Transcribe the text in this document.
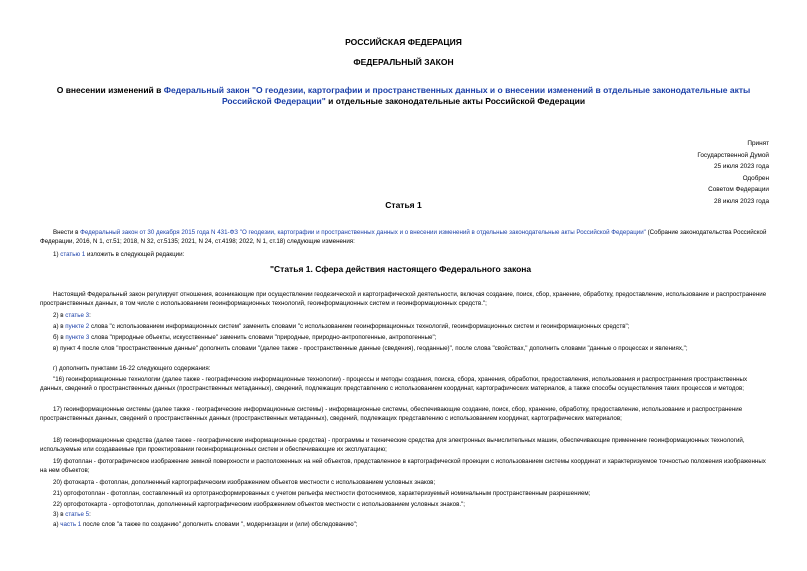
РОССИЙСКАЯ ФЕДЕРАЦИЯ
ФЕДЕРАЛЬНЫЙ ЗАКОН
О внесении изменений в Федеральный закон "О геодезии, картографии и пространственных данных и о внесении изменений в отдельные законодательные акты Российской Федерации" и отдельные законодательные акты Российской Федерации
Принят
Государственной Думой
25 июля 2023 года
Одобрен
Советом Федерации
28 июля 2023 года
Статья 1
Внести в Федеральный закон от 30 декабря 2015 года N 431-ФЗ "О геодезии, картографии и пространственных данных и о внесении изменений в отдельные законодательные акты Российской Федерации" (Собрание законодательства Российской Федерации, 2016, N 1, ст.51; 2018, N 32, ст.5135; 2021, N 24, ст.4198; 2022, N 1, ст.18) следующие изменения:
1) статью 1 изложить в следующей редакции:
"Статья 1. Сфера действия настоящего Федерального закона
Настоящий Федеральный закон регулирует отношения, возникающие при осуществлении геодезической и картографической деятельности, включая создание, поиск, сбор, хранение, обработку, предоставление, использование и распространение пространственных данных, в том числе с использованием геоинформационных технологий, геоинформационных систем и геоинформационных средств.";
2) в статье 3:
а) в пункте 2 слова "с использованием информационных систем" заменить словами "с использованием геоинформационных технологий, геоинформационных систем и геоинформационных средств";
б) в пункте 3 слова "природные объекты, искусственные" заменить словами "природные, природно-антропогенные, антропогенные";
в) пункт 4 после слов "пространственные данные" дополнить словами "(далее также - пространственные данные (сведения), геоданные)", после слова "свойствах," дополнить словами "данные о процессах и явлениях,";
г) дополнить пунктами 16-22 следующего содержания:
"16) геоинформационные технологии (далее также - географические информационные технологии) - процессы и методы создания, поиска, сбора, хранения, обработки, предоставления, использования и распространения пространственных данных, сведений о пространственных данных (пространственных метаданных), сведений, подлежащих представлению с использованием координат, картографических материалов, а также способы осуществления таких процессов и методов;
17) геоинформационные системы (далее также - географические информационные системы) - информационные системы, обеспечивающие создание, поиск, сбор, хранение, обработку, предоставление, использование и распространение пространственных данных, сведений о пространственных данных (пространственных метаданных), сведений, подлежащих представлению с использованием координат, картографических материалов;
18) геоинформационные средства (далее также - географические информационные средства) - программы и технические средства для электронных вычислительных машин, обеспечивающие применение геоинформационных технологий, используемые или создаваемые при проектировании геоинформационных систем и обеспечивающие их эксплуатацию;
19) фотоплан - фотографическое изображение земной поверхности и расположенных на ней объектов, представленное в картографической проекции с использованием системы координат и характеризуемое точностью положения изображенных на нем объектов;
20) фотокарта - фотоплан, дополненный картографическим изображением объектов местности с использованием условных знаков;
21) ортофотоплан - фотоплан, составленный из ортотрансформированных с учетом рельефа местности фотоснимков, характеризуемый номинальным пространственным разрешением;
22) ортофотокарта - ортофотоплан, дополненный картографическим изображением объектов местности с использованием условных знаков.";
3) в статье 5:
а) часть 1 после слов "а также по созданию" дополнить словами ", модернизации и (или) обследованию";
